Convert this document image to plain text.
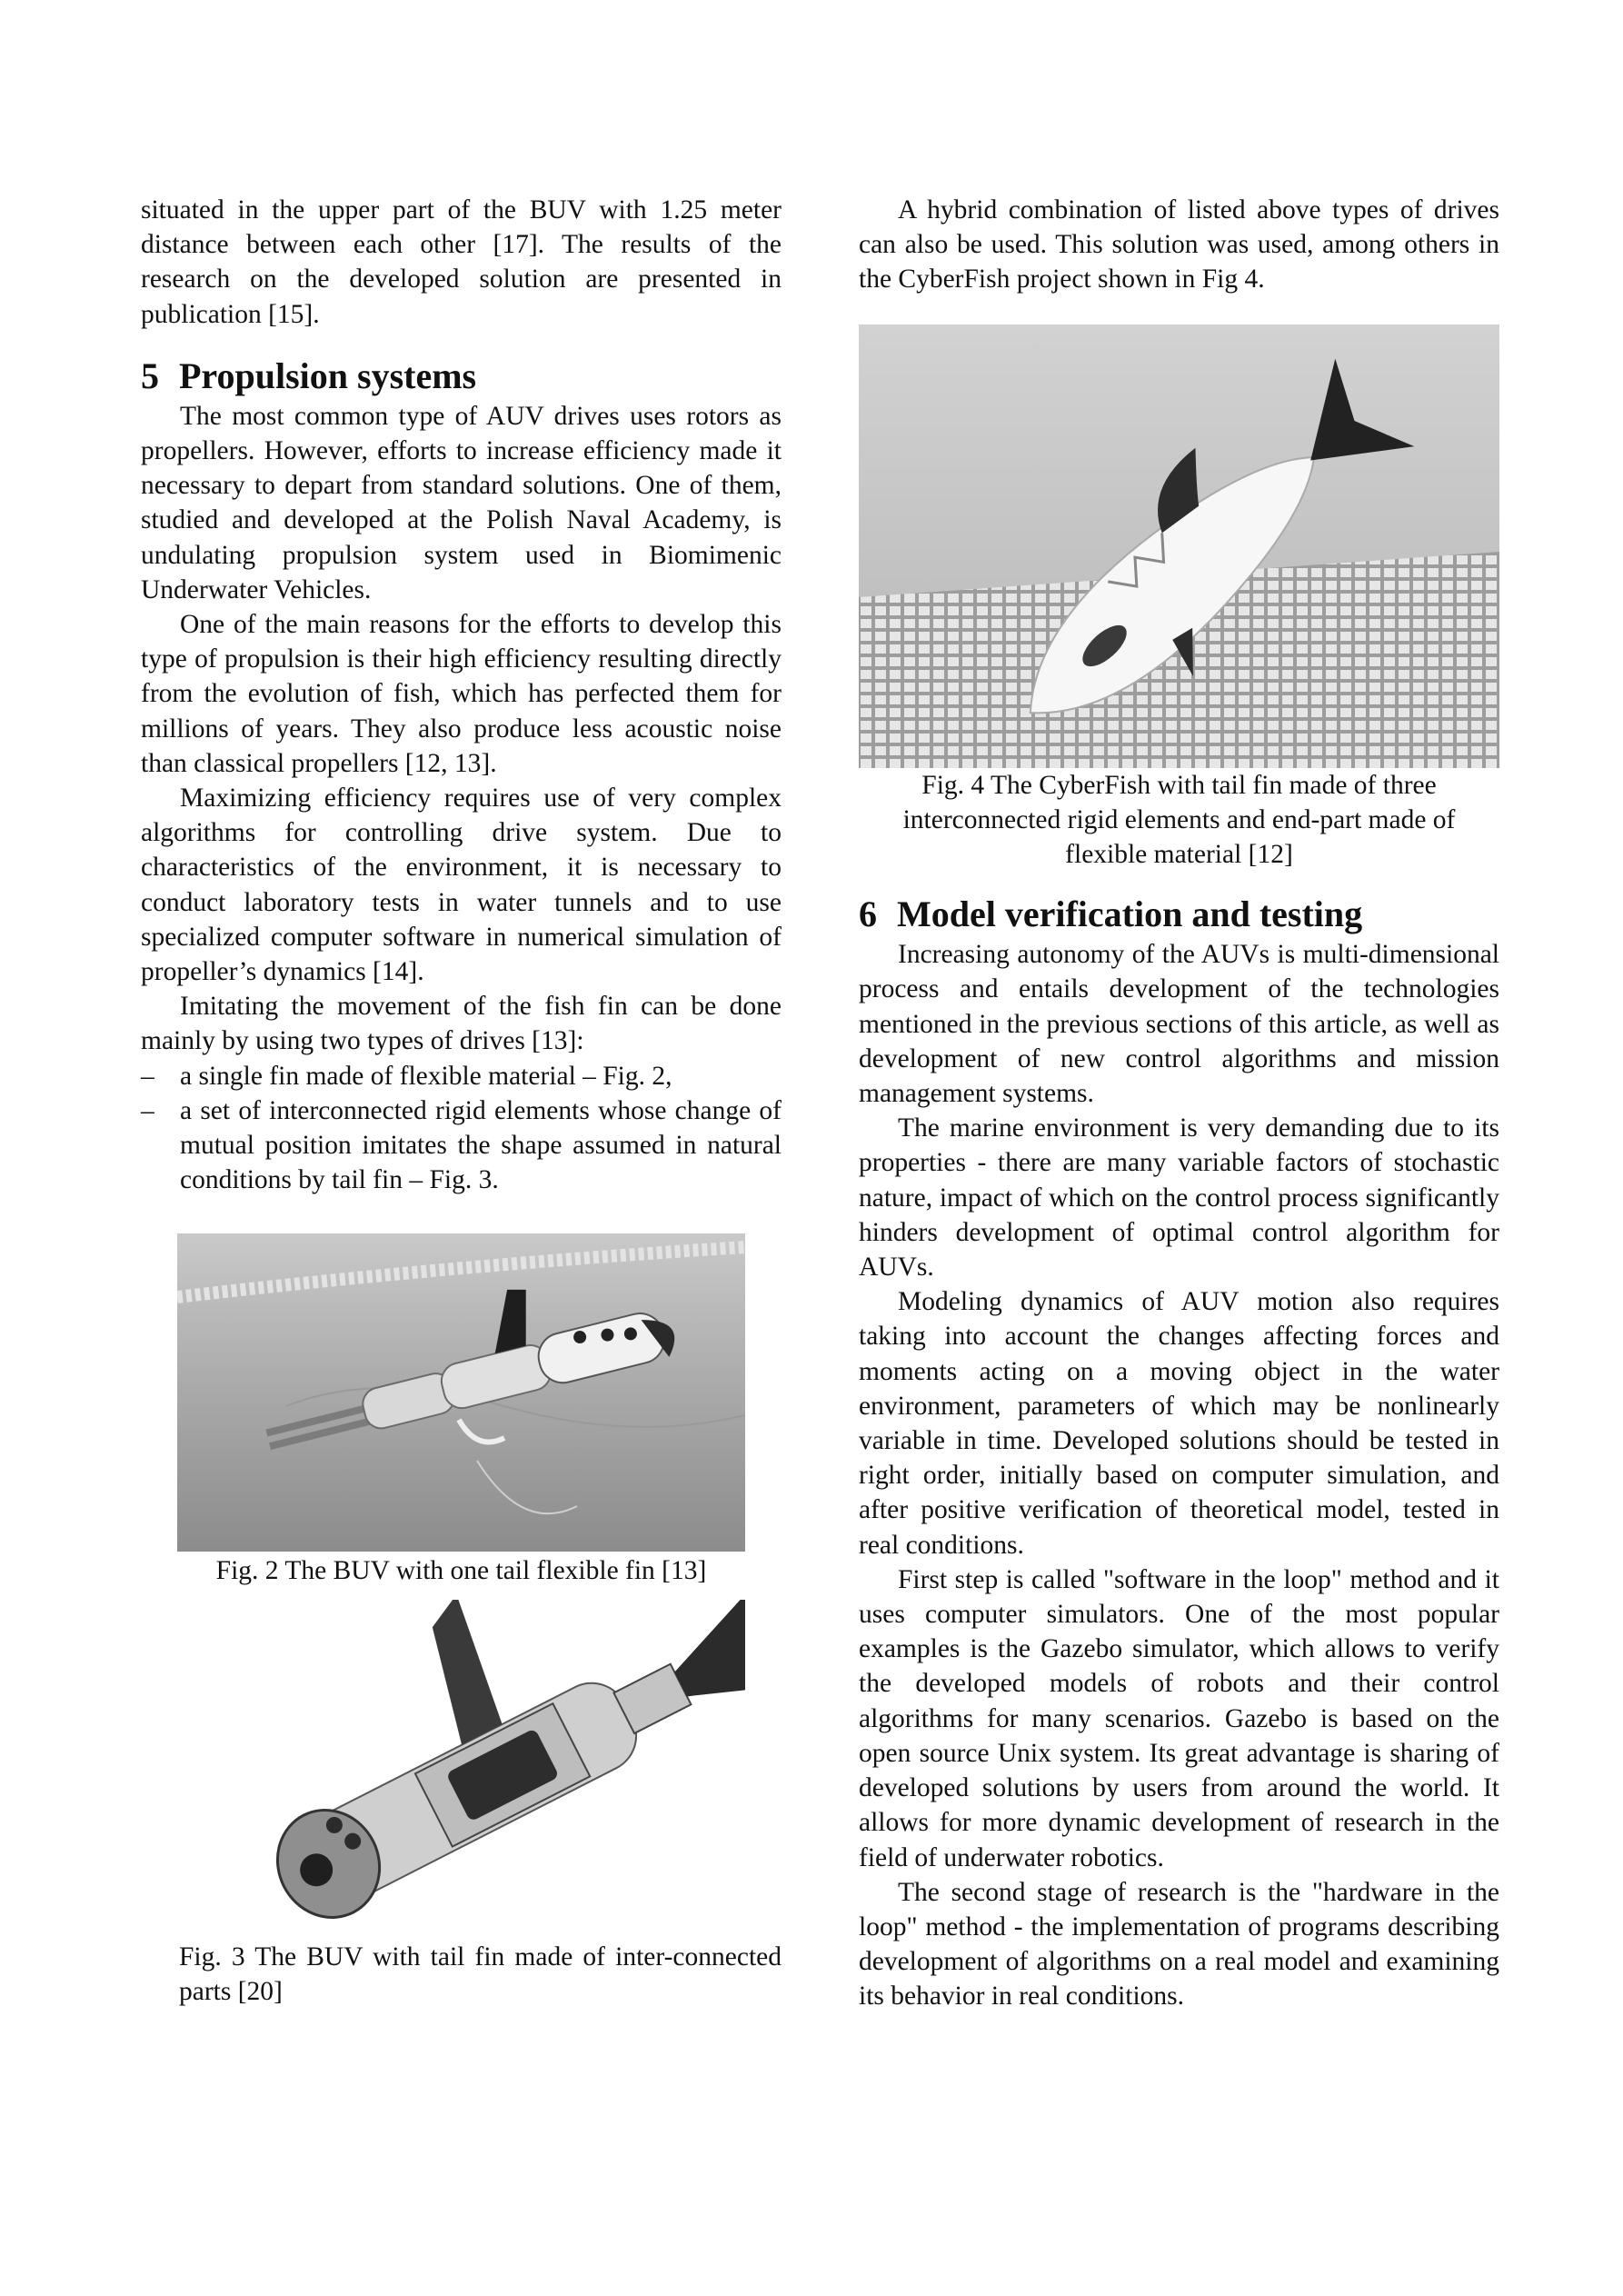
situated in the upper part of the BUV with 1.25 meter distance between each other [17]. The results of the research on the developed solution are presented in publication [15].

5 Propulsion systems

The most common type of AUV drives uses rotors as propellers. However, efforts to increase efficiency made it necessary to depart from standard solutions. One of them, studied and developed at the Polish Naval Academy, is undulating propulsion system used in Biomimenic Underwater Vehicles.

One of the main reasons for the efforts to develop this type of propulsion is their high efficiency resulting directly from the evolution of fish, which has perfected them for millions of years. They also produce less acoustic noise than classical propellers [12, 13].

Maximizing efficiency requires use of very complex algorithms for controlling drive system. Due to characteristics of the environment, it is necessary to conduct laboratory tests in water tunnels and to use specialized computer software in numerical simulation of propeller’s dynamics [14].

Imitating the movement of the fish fin can be done mainly by using two types of drives [13]:

– a single fin made of flexible material – Fig. 2,
– a set of interconnected rigid elements whose change of mutual position imitates the shape assumed in natural conditions by tail fin – Fig. 3.

Fig. 2 The BUV with one tail flexible fin [13]

Fig. 3 The BUV with tail fin made of inter-connected parts [20]

A hybrid combination of listed above types of drives can also be used. This solution was used, among others in the CyberFish project shown in Fig 4.

Fig. 4 The CyberFish with tail fin made of three interconnected rigid elements and end-part made of flexible material [12]

6 Model verification and testing

Increasing autonomy of the AUVs is multi-dimensional process and entails development of the technologies mentioned in the previous sections of this article, as well as development of new control algorithms and mission management systems.

The marine environment is very demanding due to its properties - there are many variable factors of stochastic nature, impact of which on the control process significantly hinders development of optimal control algorithm for AUVs.

Modeling dynamics of AUV motion also requires taking into account the changes affecting forces and moments acting on a moving object in the water environment, parameters of which may be nonlinearly variable in time. Developed solutions should be tested in right order, initially based on computer simulation, and after positive verification of theoretical model, tested in real conditions.

First step is called "software in the loop" method and it uses computer simulators. One of the most popular examples is the Gazebo simulator, which allows to verify the developed models of robots and their control algorithms for many scenarios. Gazebo is based on the open source Unix system. Its great advantage is sharing of developed solutions by users from around the world. It allows for more dynamic development of research in the field of underwater robotics.

The second stage of research is the "hardware in the loop" method - the implementation of programs describing development of algorithms on a real model and examining its behavior in real conditions.
